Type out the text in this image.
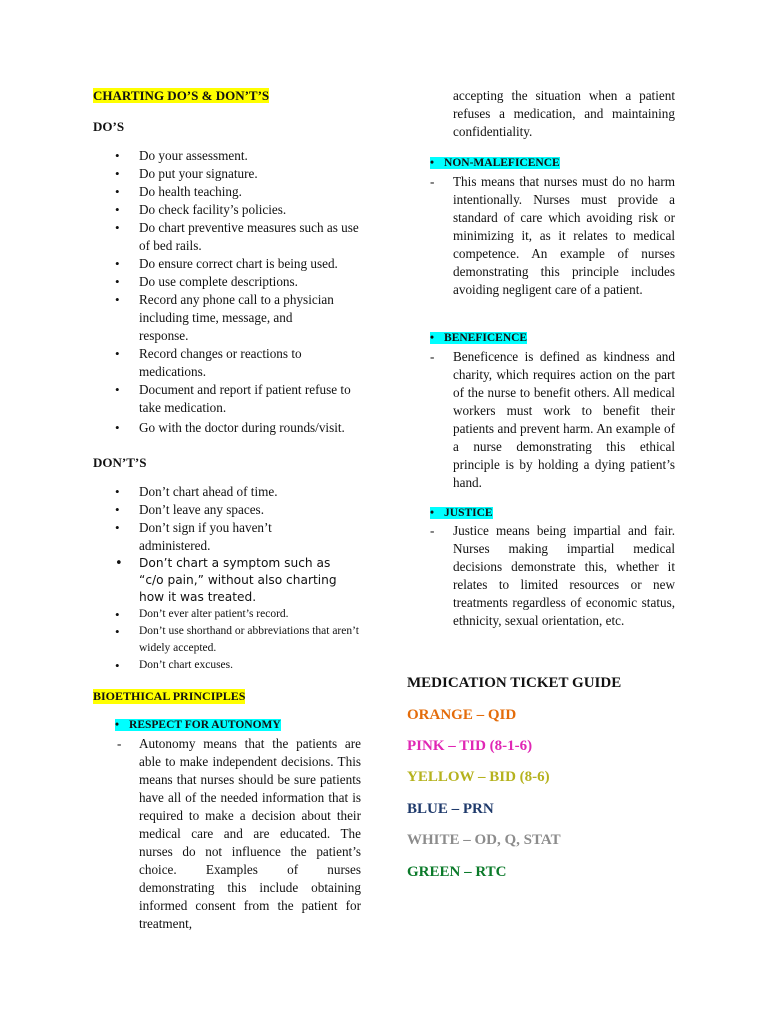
CHARTING DO’S & DON’T’S
DO’S
• Do your assessment.
• Do put your signature.
• Do health teaching.
• Do check facility’s policies.
• Do chart preventive measures such as use of bed rails.
• Do ensure correct chart is being used.
• Do use complete descriptions.
• Record any phone call to a physician including time, message, and response.
• Record changes or reactions to medications.
• Document and report if patient refuse to take medication.
• Go with the doctor during rounds/visit.
DON’T’S
• Don’t chart ahead of time.
• Don’t leave any spaces.
• Don’t sign if you haven’t administered.
• Don’t chart a symptom such as “c/o pain,” without also charting how it was treated.
• Don’t ever alter patient’s record.
• Don’t use shorthand or abbreviations that aren’t widely accepted.
• Don’t chart excuses.
BIOETHICAL PRINCIPLES
• RESPECT FOR AUTONOMY
- Autonomy means that the patients are able to make independent decisions. This means that nurses should be sure patients have all of the needed information that is required to make a decision about their medical care and are educated. The nurses do not influence the patient’s choice. Examples of nurses demonstrating this include obtaining informed consent from the patient for treatment,

accepting the situation when a patient refuses a medication, and maintaining confidentiality.

• NON-MALEFICENCE
- This means that nurses must do no harm intentionally. Nurses must provide a standard of care which avoiding risk or minimizing it, as it relates to medical competence. An example of nurses demonstrating this principle includes avoiding negligent care of a patient.

• BENEFICENCE
- Beneficence is defined as kindness and charity, which requires action on the part of the nurse to benefit others. All medical workers must work to benefit their patients and prevent harm. An example of a nurse demonstrating this ethical principle is by holding a dying patient’s hand.

• JUSTICE
- Justice means being impartial and fair. Nurses making impartial medical decisions demonstrate this, whether it relates to limited resources or new treatments regardless of economic status, ethnicity, sexual orientation, etc.

MEDICATION TICKET GUIDE
ORANGE – QID
PINK – TID (8-1-6)
YELLOW – BID (8-6)
BLUE – PRN
WHITE – OD, Q, STAT
GREEN – RTC
